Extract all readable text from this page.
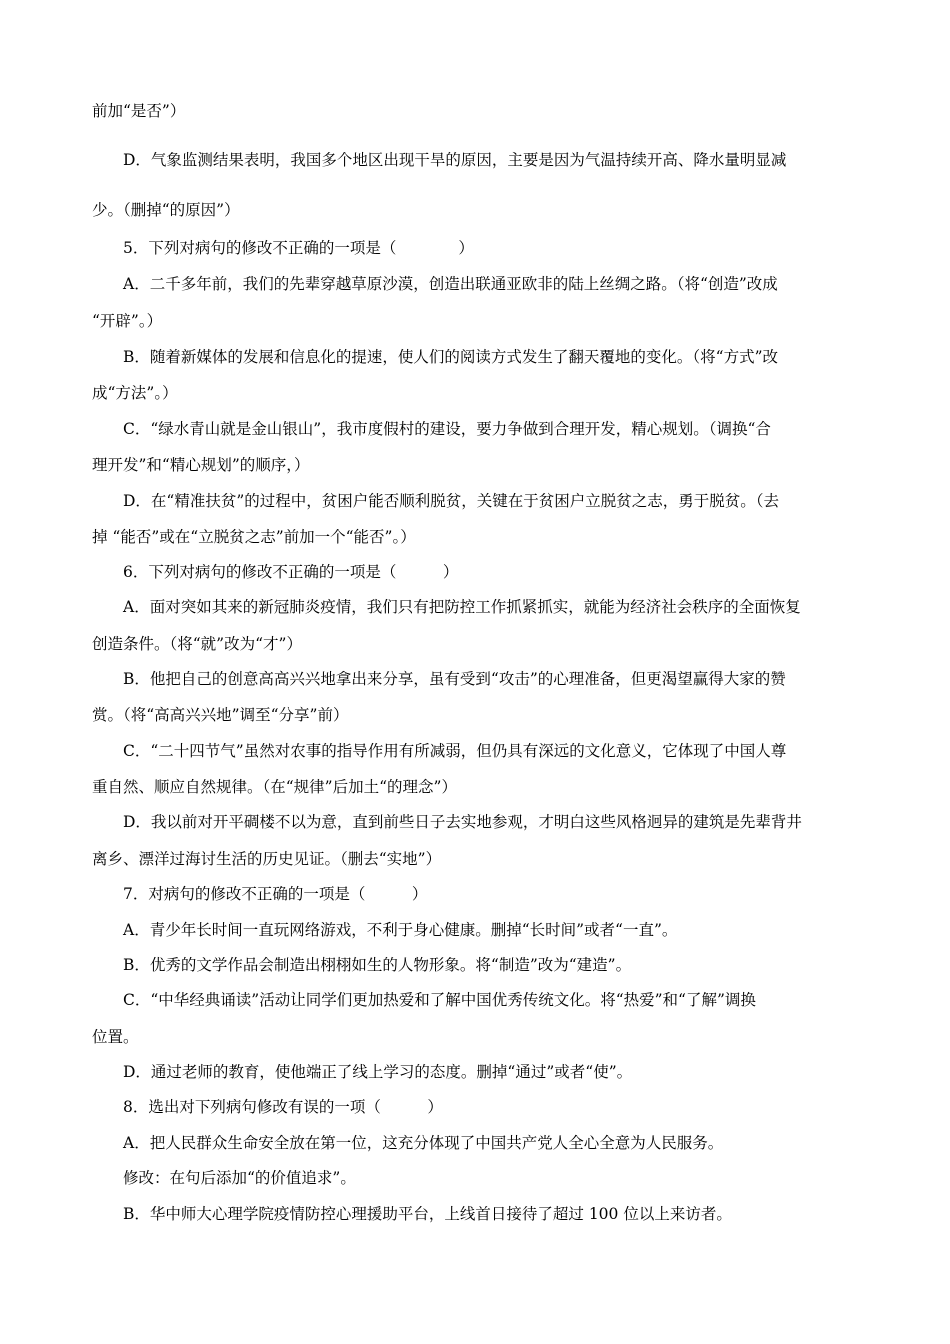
前加“是否”）
D．气象监测结果表明，我国多个地区出现干旱的原因，主要是因为气温持续开高、降水量明显减
少。（删掉“的原因”）
5．下列对病句的修改不正确的一项是（　　　　）
A．二千多年前，我们的先辈穿越草原沙漠，创造出联通亚欧非的陆上丝绸之路。（将“创造”改成
“开辟”。）
B．随着新媒体的发展和信息化的提速，使人们的阅读方式发生了翻天覆地的变化。（将“方式”改
成“方法”。）
C．“绿水青山就是金山银山”，我市度假村的建设，要力争做到合理开发，精心规划。（调换“合
理开发”和“精心规划”的顺序，）
D．在“精准扶贫”的过程中，贫困户能否顺利脱贫，关键在于贫困户立脱贫之志，勇于脱贫。（去
掉 “能否”或在“立脱贫之志”前加一个“能否”。）
6．下列对病句的修改不正确的一项是（　　　）
A．面对突如其来的新冠肺炎疫情，我们只有把防控工作抓紧抓实，就能为经济社会秩序的全面恢复
创造条件。（将“就”改为“才”）
B．他把自己的创意高高兴兴地拿出来分享，虽有受到“攻击”的心理准备，但更渴望赢得大家的赞
赏。（将“高高兴兴地”调至“分享”前）
C．“二十四节气”虽然对农事的指导作用有所减弱，但仍具有深远的文化意义，它体现了中国人尊
重自然、顺应自然规律。（在“规律”后加土“的理念”）
D．我以前对开平碉楼不以为意，直到前些日子去实地参观，才明白这些风格迥异的建筑是先辈背井
离乡、漂洋过海讨生活的历史见证。（删去“实地”）
7．对病句的修改不正确的一项是（　　　）
A．青少年长时间一直玩网络游戏，不利于身心健康。删掉“长时间”或者“一直”。
B．优秀的文学作品会制造出栩栩如生的人物形象。将“制造”改为“建造”。
C．“中华经典诵读”活动让同学们更加热爱和了解中国优秀传统文化。将“热爱”和“了解”调换
位置。
D．通过老师的教育，使他端正了线上学习的态度。删掉“通过”或者“使”。
8．选出对下列病句修改有误的一项（　　　）
A．把人民群众生命安全放在第一位，这充分体现了中国共产党人全心全意为人民服务。
修改：在句后添加“的价值追求”。
B．华中师大心理学院疫情防控心理援助平台，上线首日接待了超过 100 位以上来访者。
